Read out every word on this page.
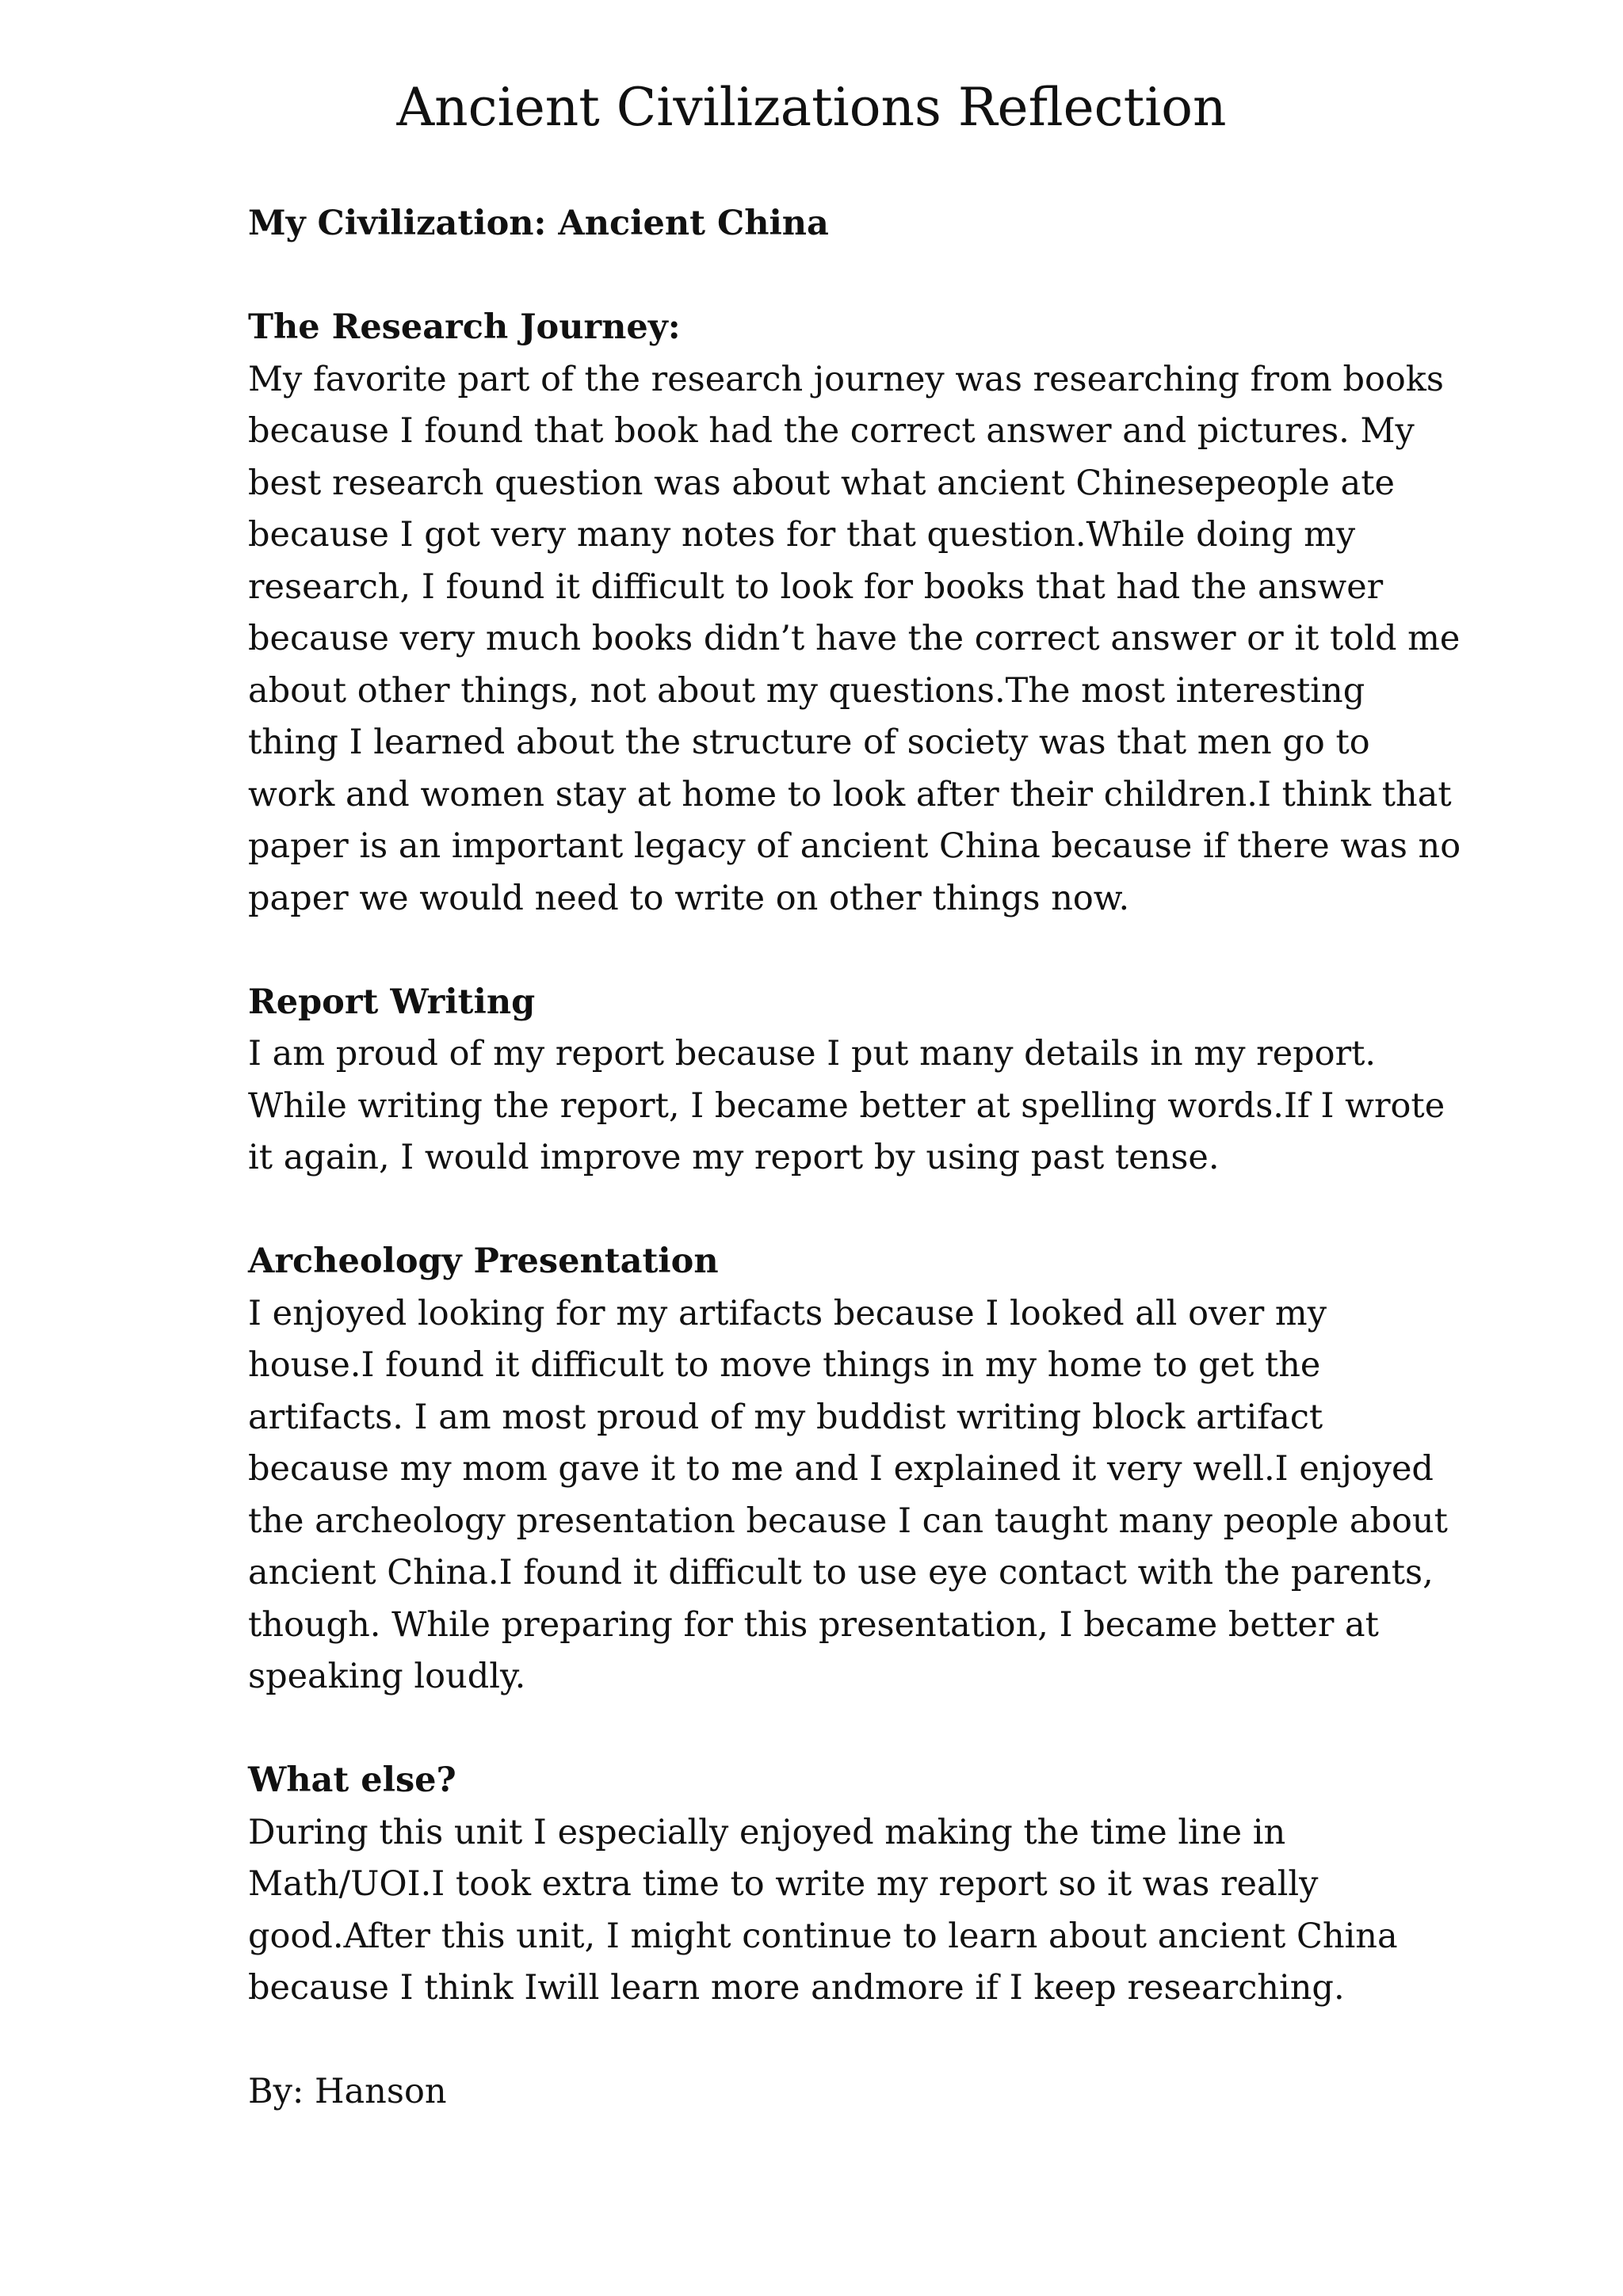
Ancient Civilizations Reflection

My Civilization: Ancient China

The Research Journey:

My favorite part of the research journey was researching from books

because I found that book had the correct answer and pictures. My

best research question was about what ancient Chinesepeople ate

because I got very many notes for that question.While doing my

research, I found it difficult to look for books that had the answer

because very much books didn’t have the correct answer or it told me

about other things, not about my questions.The most interesting

thing I learned about the structure of society was that men go to

work and women stay at home to look after their children.I think that

paper is an important legacy of ancient China because if there was no

paper we would need to write on other things now.

Report Writing

I am proud of my report because I put many details in my report.

While writing the report, I became better at spelling words.If I wrote

it again, I would improve my report by using past tense.

Archeology Presentation

I enjoyed looking for my artifacts because I looked all over my

house.I found it difficult to move things in my home to get the

artifacts. I am most proud of my buddist writing block artifact

because my mom gave it to me and I explained it very well.I enjoyed

the archeology presentation because I can taught many people about

ancient China.I found it difficult to use eye contact with the parents,

though. While preparing for this presentation, I became better at

speaking loudly.

What else?

During this unit I especially enjoyed making the time line in

Math/UOI.I took extra time to write my report so it was really

good.After this unit, I might continue to learn about ancient China

because I think Iwill learn more andmore if I keep researching.

By: Hanson
